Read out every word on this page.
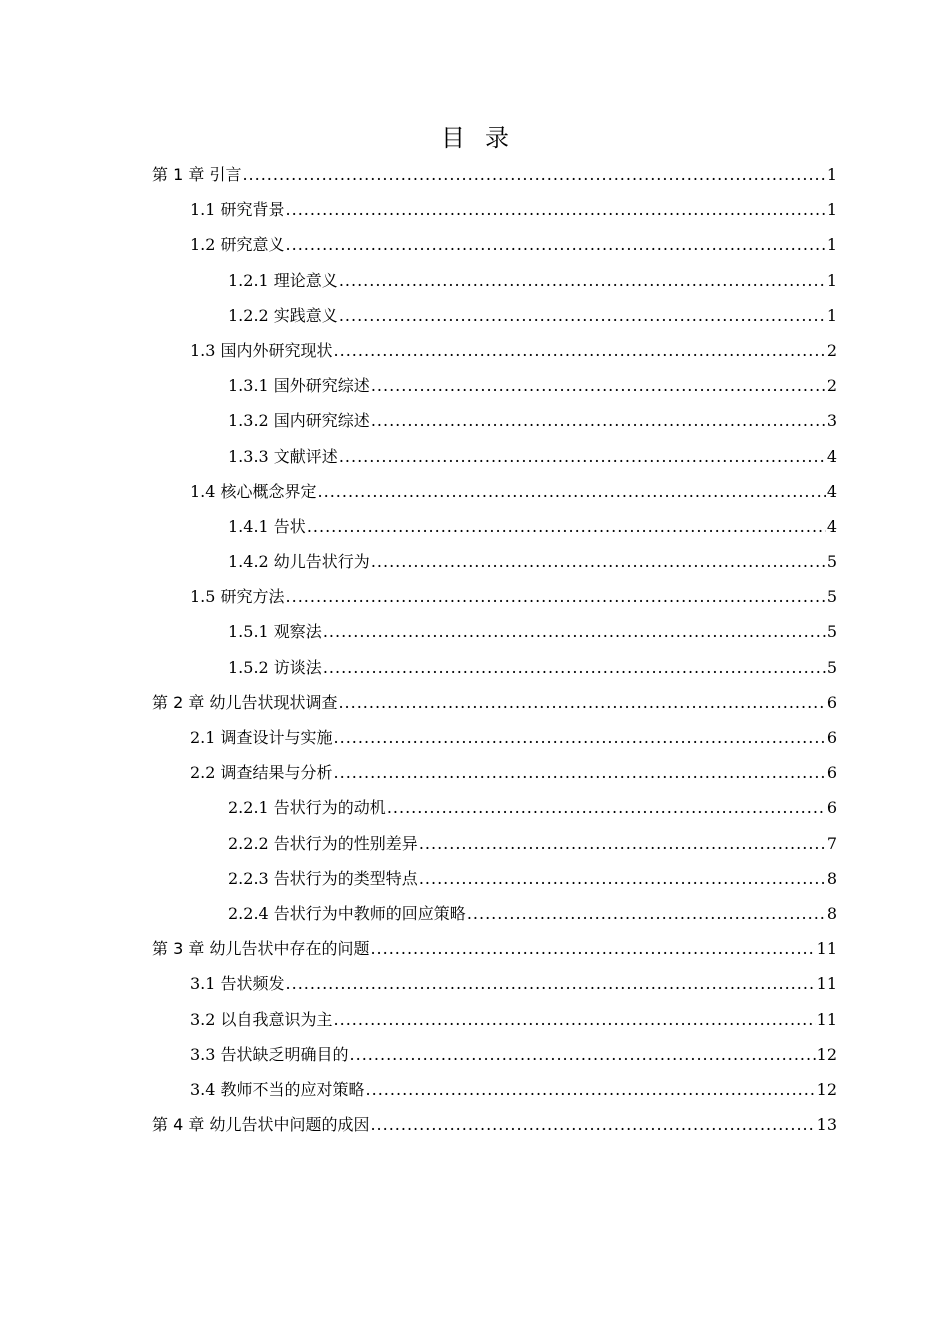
目录
第 1 章 引言 .....	1
1.1 研究背景 .....	1
1.2 研究意义 .....	1
1.2.1 理论意义 .....	1
1.2.2 实践意义 .....	1
1.3 国内外研究现状 .....	2
1.3.1 国外研究综述 .....	2
1.3.2 国内研究综述 .....	3
1.3.3 文献评述 .....	4
1.4 核心概念界定 .....	4
1.4.1 告状 .....	4
1.4.2 幼儿告状行为 .....	5
1.5 研究方法 .....	5
1.5.1 观察法 .....	5
1.5.2 访谈法 .....	5
第 2 章 幼儿告状现状调查 .....	6
2.1 调查设计与实施 .....	6
2.2 调查结果与分析 .....	6
2.2.1 告状行为的动机 .....	6
2.2.2 告状行为的性别差异 .....	7
2.2.3 告状行为的类型特点 .....	8
2.2.4 告状行为中教师的回应策略 .....	8
第 3 章 幼儿告状中存在的问题 .....	11
3.1 告状频发 .....	11
3.2 以自我意识为主 .....	11
3.3 告状缺乏明确目的 .....	12
3.4 教师不当的应对策略 .....	12
第 4 章 幼儿告状中问题的成因 .....	13
